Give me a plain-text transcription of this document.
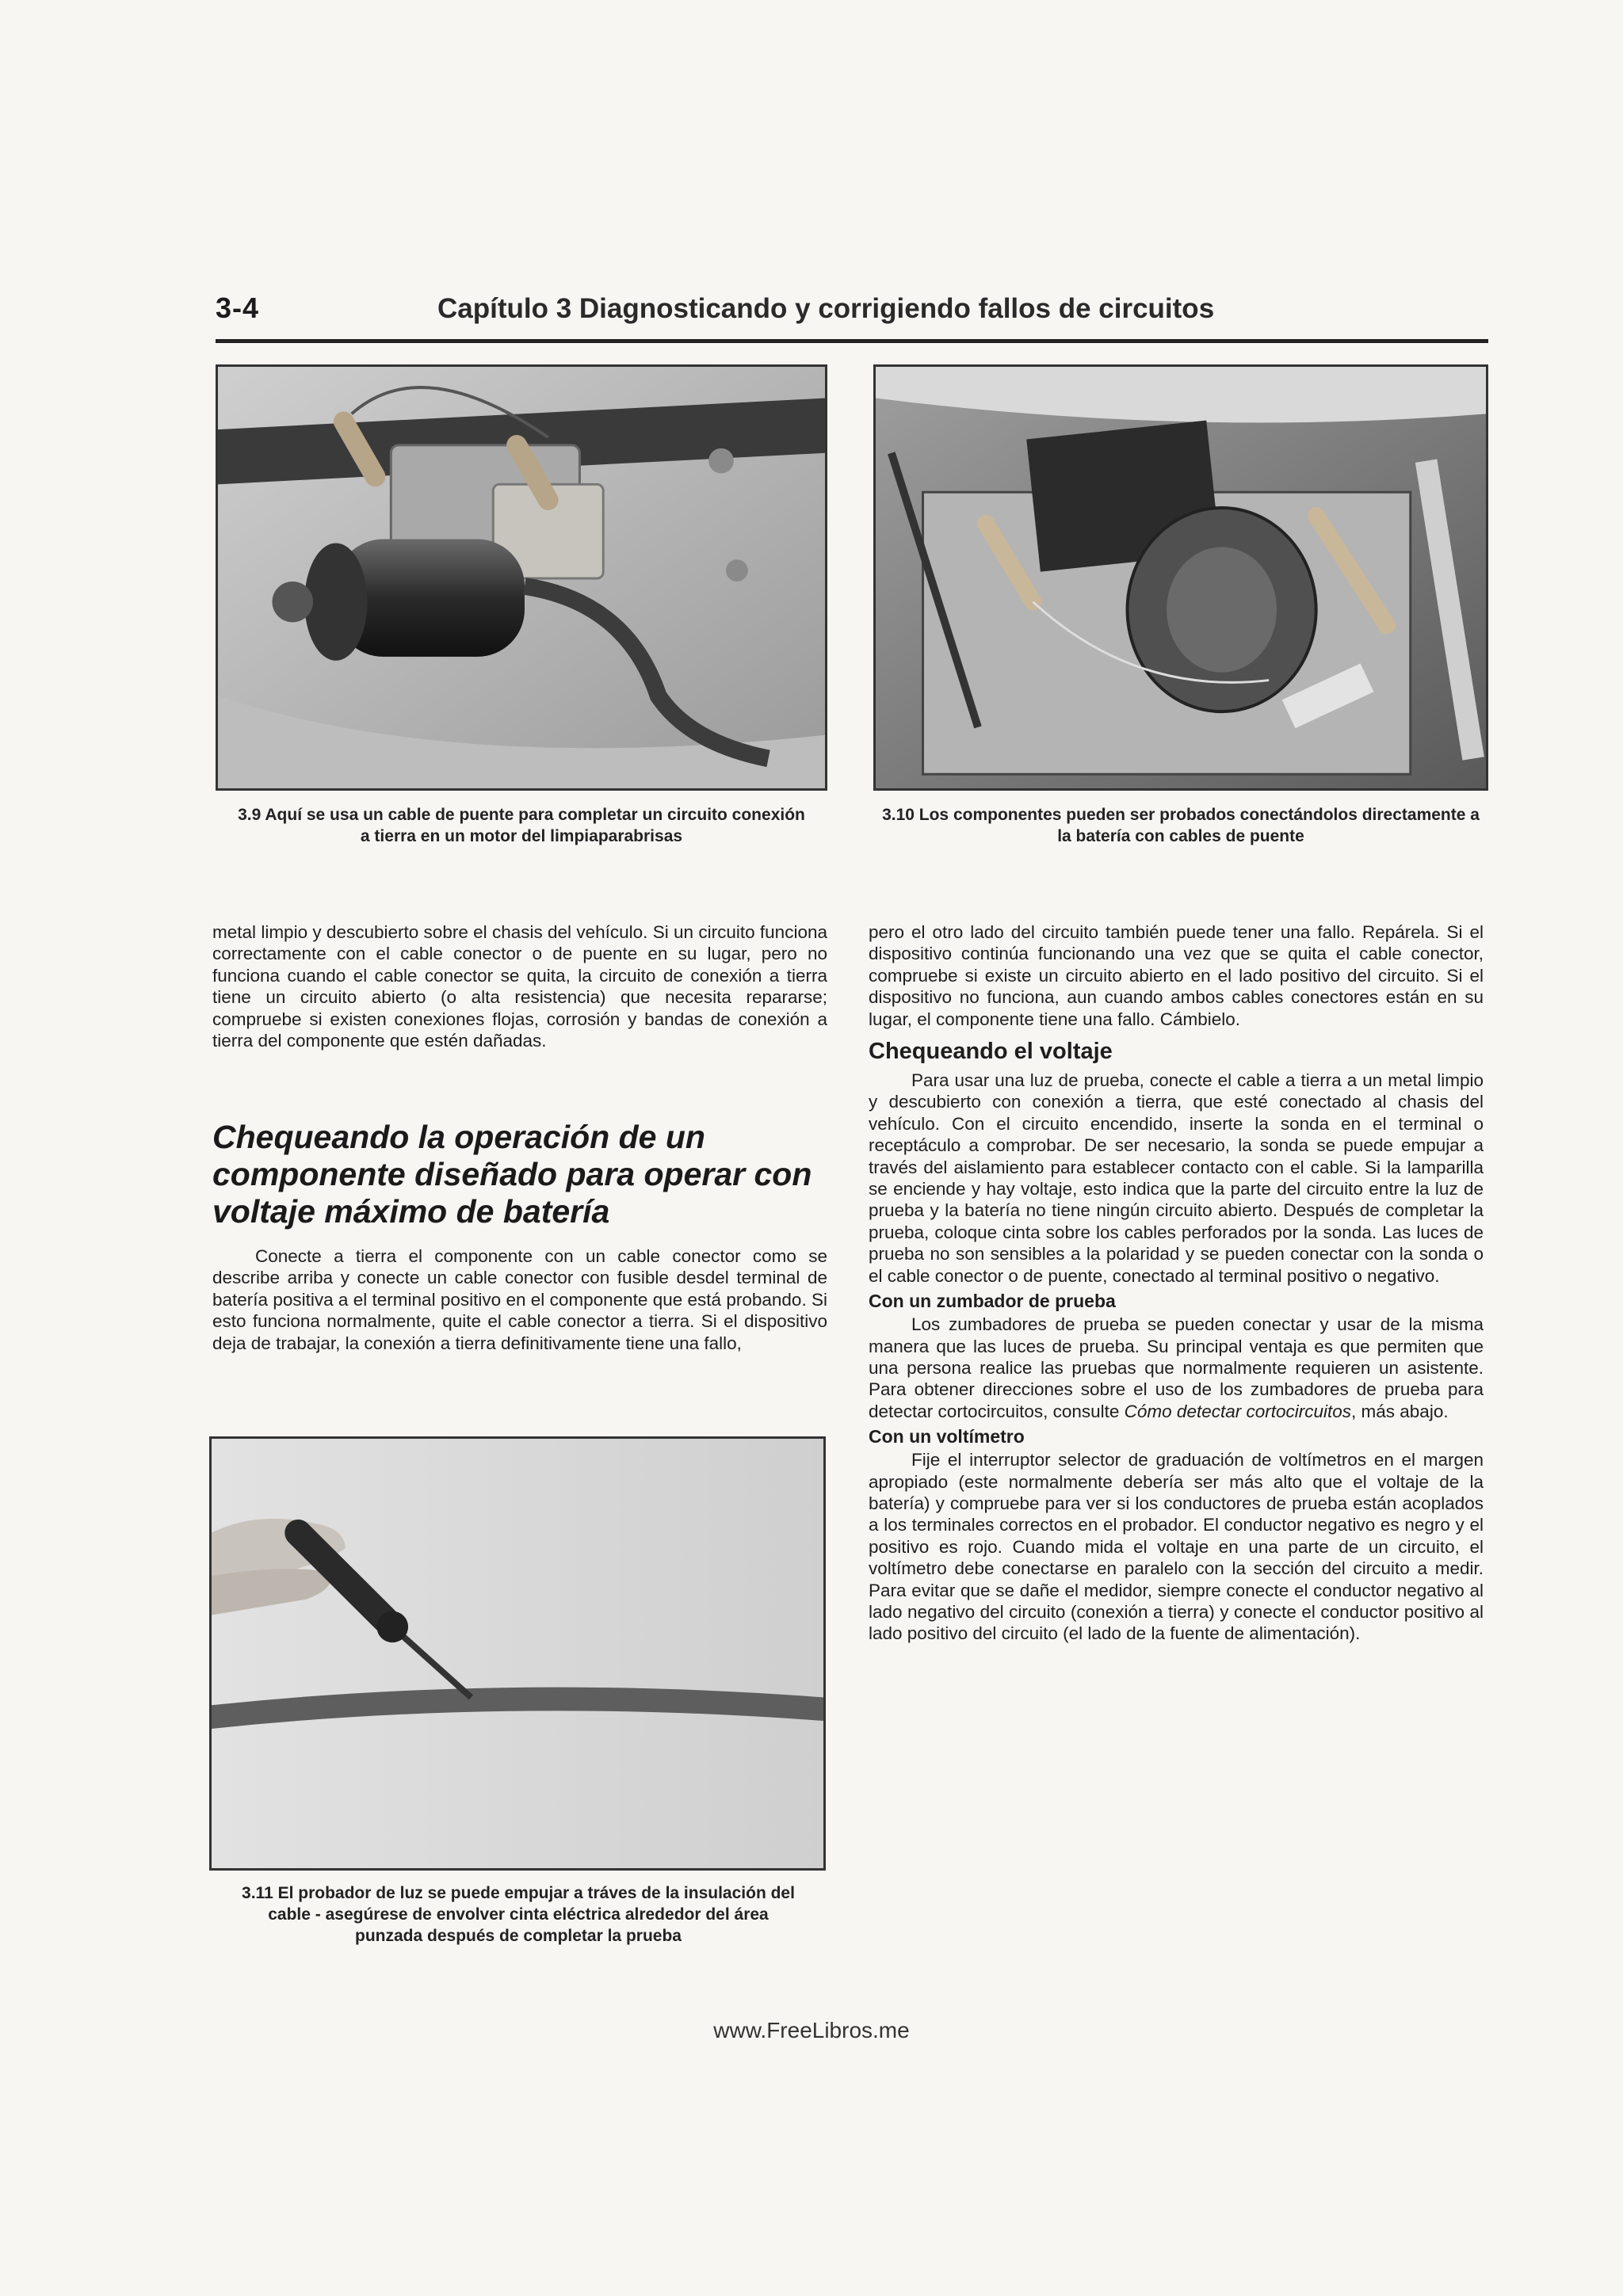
3-4	Capítulo 3 Diagnosticando y corrigiendo fallos de circuitos
3.9 Aquí se usa un cable de puente para completar un circuito conexión a tierra en un motor del limpiaparabrisas
3.10 Los componentes pueden ser probados conectándolos directamente a la batería con cables de puente

metal limpio y descubierto sobre el chasis del vehículo. Si un circuito funciona correctamente con el cable conector o de puente en su lugar, pero no funciona cuando el cable conector se quita, la circuito de conexión a tierra tiene un circuito abierto (o alta resistencia) que necesita repararse; compruebe si existen conexiones flojas, corrosión y bandas de conexión a tierra del componente que estén dañadas.

Chequeando la operación de un componente diseñado para operar con voltaje máximo de batería

Conecte a tierra el componente con un cable conector como se describe arriba y conecte un cable conector con fusible desdel terminal de batería positiva a el terminal positivo en el componente que está probando. Si esto funciona normalmente, quite el cable conector a tierra. Si el dispositivo deja de trabajar, la conexión a tierra definitivamente tiene una fallo,

3.11 El probador de luz se puede empujar a tráves de la insulación del cable - asegúrese de envolver cinta eléctrica alrededor del área punzada después de completar la prueba

pero el otro lado del circuito también puede tener una fallo. Repárela. Si el dispositivo continúa funcionando una vez que se quita el cable conector, compruebe si existe un circuito abierto en el lado positivo del circuito. Si el dispositivo no funciona, aun cuando ambos cables conectores están en su lugar, el componente tiene una fallo. Cámbielo.

Chequeando el voltaje

Para usar una luz de prueba, conecte el cable a tierra a un metal limpio y descubierto con conexión a tierra, que esté conectado al chasis del vehículo. Con el circuito encendido, inserte la sonda en el terminal o receptáculo a comprobar. De ser necesario, la sonda se puede empujar a través del aislamiento para establecer contacto con el cable. Si la lamparilla se enciende y hay voltaje, esto indica que la parte del circuito entre la luz de prueba y la batería no tiene ningún circuito abierto. Después de completar la prueba, coloque cinta sobre los cables perforados por la sonda. Las luces de prueba no son sensibles a la polaridad y se pueden conectar con la sonda o el cable conector o de puente, conectado al terminal positivo o negativo.

Con un zumbador de prueba

Los zumbadores de prueba se pueden conectar y usar de la misma manera que las luces de prueba. Su principal ventaja es que permiten que una persona realice las pruebas que normalmente requieren un asistente. Para obtener direcciones sobre el uso de los zumbadores de prueba para detectar cortocircuitos, consulte Cómo detectar cortocircuitos, más abajo.

Con un voltímetro

Fije el interruptor selector de graduación de voltímetros en el margen apropiado (este normalmente debería ser más alto que el voltaje de la batería) y compruebe para ver si los conductores de prueba están acoplados a los terminales correctos en el probador. El conductor negativo es negro y el positivo es rojo. Cuando mida el voltaje en una parte de un circuito, el voltímetro debe conectarse en paralelo con la sección del circuito a medir. Para evitar que se dañe el medidor, siempre conecte el conductor negativo al lado negativo del circuito (conexión a tierra) y conecte el conductor positivo al lado positivo del circuito (el lado de la fuente de alimentación).

www.FreeLibros.me
